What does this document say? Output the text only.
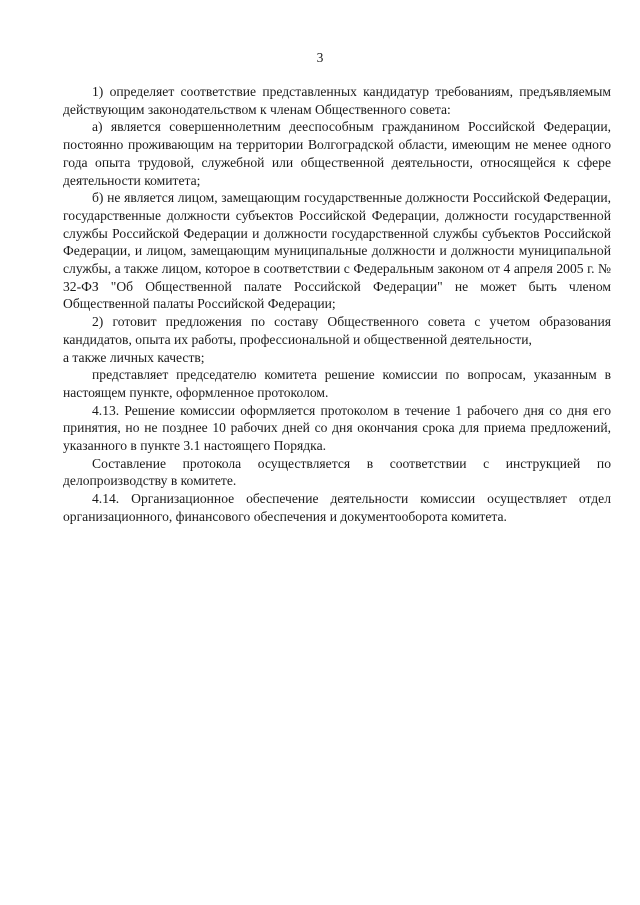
3

1) определяет соответствие представленных кандидатур требованиям, предъявляемым действующим законодательством к членам Общественного совета:

а) является совершеннолетним дееспособным гражданином Российской Федерации, постоянно проживающим на территории Волгоградской области, имеющим не менее одного года опыта трудовой, служебной или общественной деятельности, относящейся к сфере деятельности комитета;

б) не является лицом, замещающим государственные должности Российской Федерации, государственные должности субъектов Российской Федерации, должности государственной службы Российской Федерации и должности государственной службы субъектов Российской Федерации, и лицом, замещающим муниципальные должности и должности муниципальной службы, а также лицом, которое в соответствии с Федеральным законом от 4 апреля 2005 г. № 32-ФЗ "Об Общественной палате Российской Федерации" не может быть членом Общественной палаты Российской Федерации;

2) готовит предложения по составу Общественного совета с учетом образования кандидатов, опыта их работы, профессиональной и общественной деятельности,

а также личных качеств;

представляет председателю комитета решение комиссии по вопросам, указанным в настоящем пункте, оформленное протоколом.

4.13. Решение комиссии оформляется протоколом в течение 1 рабочего дня со дня его принятия, но не позднее 10 рабочих дней со дня окончания срока для приема предложений, указанного в пункте 3.1 настоящего Порядка.

Составление протокола осуществляется в соответствии с инструкцией по делопроизводству в комитете.

4.14. Организационное обеспечение деятельности комиссии осуществляет отдел организационного, финансового обеспечения и документооборота комитета.
